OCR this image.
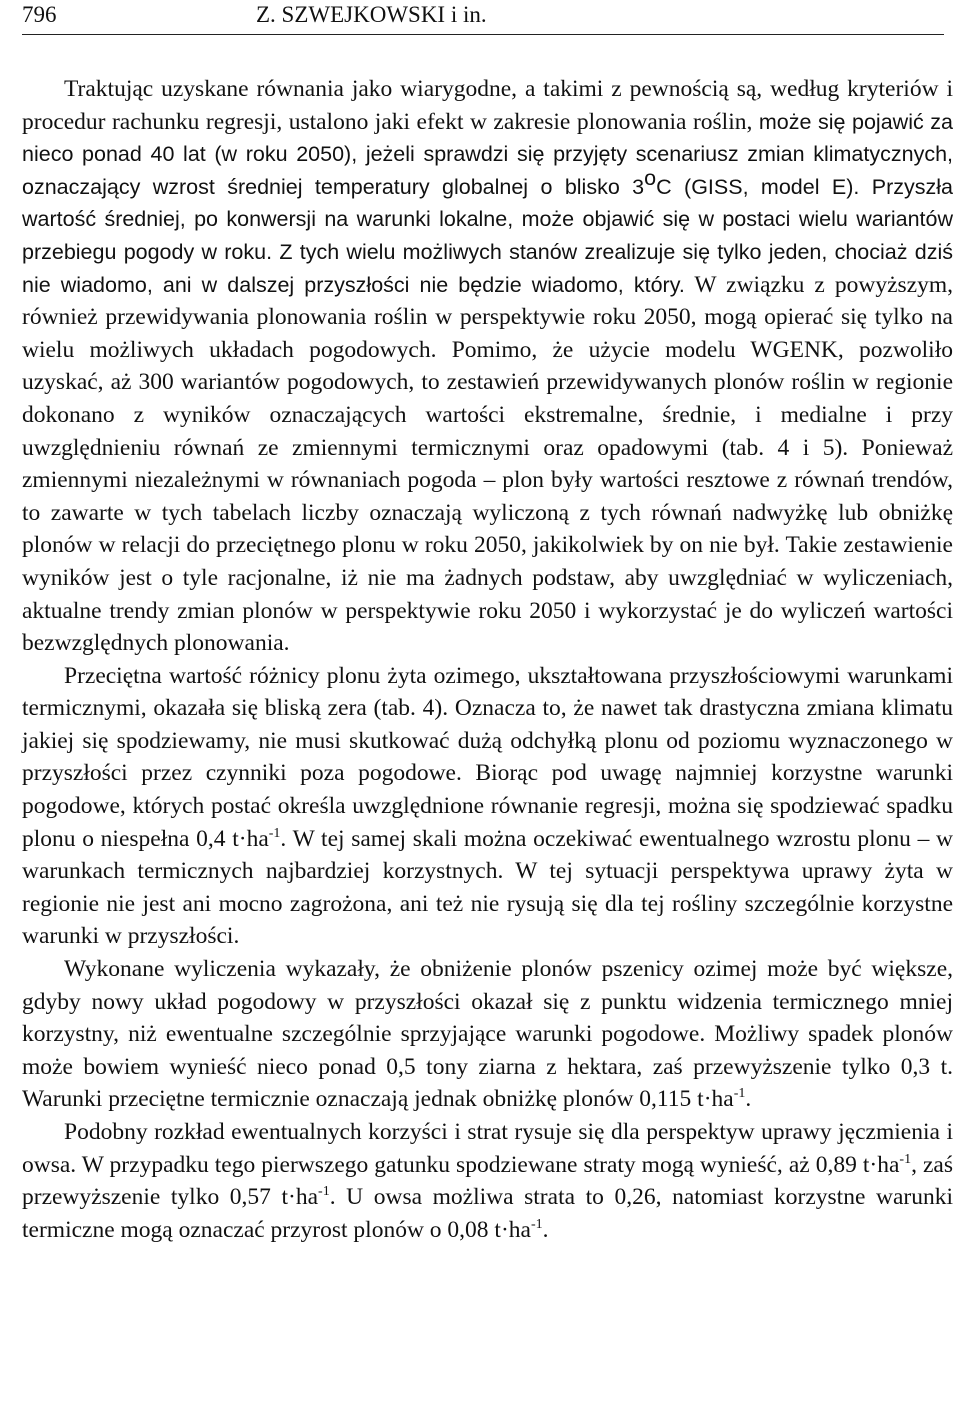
796	Z. SZWEJKOWSKI i in.

Traktując uzyskane równania jako wiarygodne, a takimi z pewnością są, według kryteriów i procedur rachunku regresji, ustalono jaki efekt w zakresie plonowania roślin, może się pojawić za nieco ponad 40 lat (w roku 2050), jeżeli sprawdzi się przyjęty scenariusz zmian klimatycznych, oznaczający wzrost średniej temperatury globalnej o blisko 3$^o$C (GISS, model E). Przyszła wartość średniej, po konwersji na warunki lokalne, może objawić się w postaci wielu wariantów przebiegu pogody w roku. Z tych wielu możliwych stanów zrealizuje się tylko jeden, chociaż dziś nie wiadomo, ani w dalszej przyszłości nie będzie wiadomo, który. W związku z powyższym, również przewidywania plonowania roślin w perspektywie roku 2050, mogą opierać się tylko na wielu możliwych układach pogodowych. Pomimo, że użycie modelu WGENK, pozwoliło uzyskać, aż 300 wariantów pogodowych, to zestawień przewidywanych plonów roślin w regionie dokonano z wyników oznaczających wartości ekstremalne, średnie, i medialne i przy uwzględnieniu równań ze zmiennymi termicznymi oraz opadowymi (tab. 4 i 5). Ponieważ zmiennymi niezależnymi w równaniach pogoda – plon były wartości resztowe z równań trendów, to zawarte w tych tabelach liczby oznaczają wyliczoną z tych równań nadwyżkę lub obniżkę plonów w relacji do przeciętnego plonu w roku 2050, jakikolwiek by on nie był. Takie zestawienie wyników jest o tyle racjonalne, iż nie ma żadnych podstaw, aby uwzględniać w wyliczeniach, aktualne trendy zmian plonów w perspektywie roku 2050 i wykorzystać je do wyliczeń wartości bezwzględnych plonowania.

Przeciętna wartość różnicy plonu żyta ozimego, ukształtowana przyszłościowymi warunkami termicznymi, okazała się bliską zera (tab. 4). Oznacza to, że nawet tak drastyczna zmiana klimatu jakiej się spodziewamy, nie musi skutkować dużą odchyłką plonu od poziomu wyznaczonego w przyszłości przez czynniki poza pogodowe. Biorąc pod uwagę najmniej korzystne warunki pogodowe, których postać określa uwzględnione równanie regresji, można się spodziewać spadku plonu o niespełna 0,4 $t\cdot ha^{-1}$. W tej samej skali można oczekiwać ewentualnego wzrostu plonu – w warunkach termicznych najbardziej korzystnych. W tej sytuacji perspektywa uprawy żyta w regionie nie jest ani mocno zagrożona, ani też nie rysują się dla tej rośliny szczególnie korzystne warunki w przyszłości.

Wykonane wyliczenia wykazały, że obniżenie plonów pszenicy ozimej może być większe, gdyby nowy układ pogodowy w przyszłości okazał się z punktu widzenia termicznego mniej korzystny, niż ewentualne szczególnie sprzyjające warunki pogodowe. Możliwy spadek plonów może bowiem wynieść nieco ponad 0,5 tony ziarna z hektara, zaś przewyższenie tylko 0,3 t. Warunki przeciętne termicznie oznaczają jednak obniżkę plonów 0,115 $t\cdot ha^{-1}$.

Podobny rozkład ewentualnych korzyści i strat rysuje się dla perspektyw uprawy jęczmienia i owsa. W przypadku tego pierwszego gatunku spodziewane straty mogą wynieść, aż 0,89 $t\cdot ha^{-1}$, zaś przewyższenie tylko 0,57 $t\cdot ha^{-1}$. U owsa możliwa strata to 0,26, natomiast korzystne warunki termiczne mogą oznaczać przyrost plonów o 0,08 $t\cdot ha^{-1}$.
